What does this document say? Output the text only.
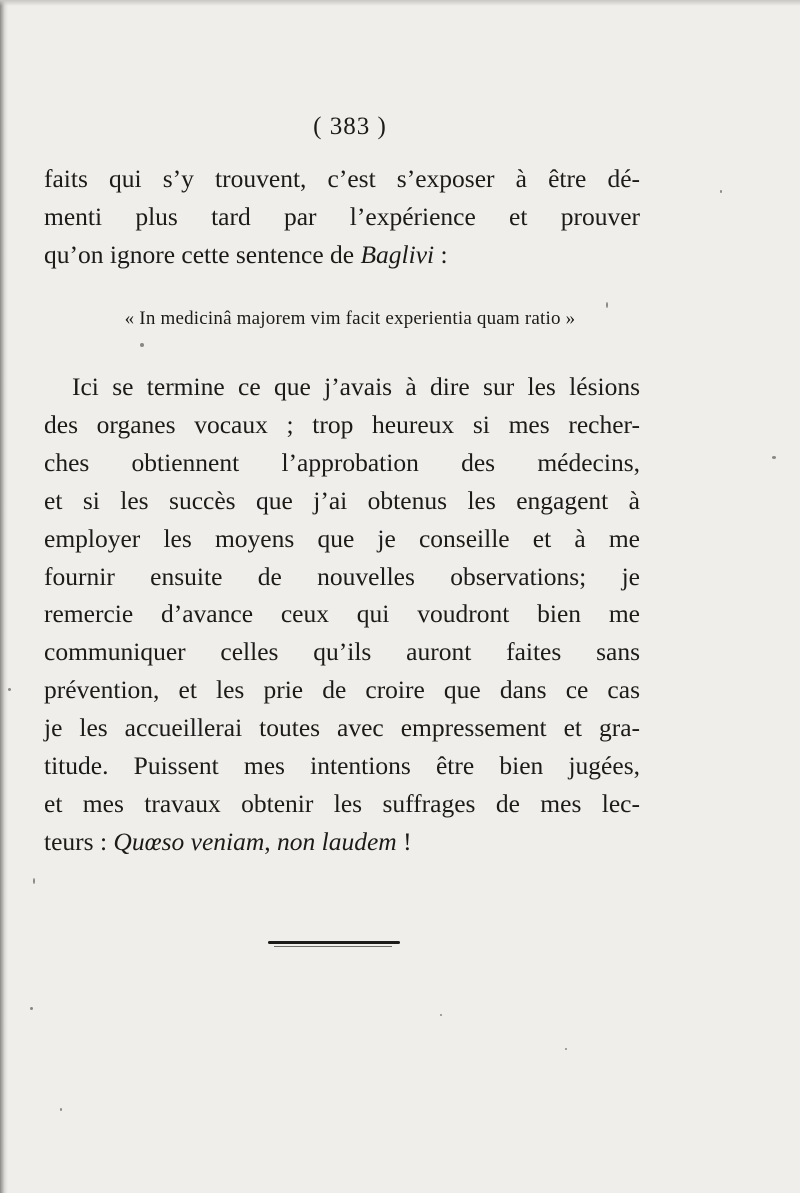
( 383 )
faits qui s’y trouvent, c’est s’exposer à être dé-
menti plus tard par l’expérience et prouver
qu’on ignore cette sentence de Baglivi :
« In medicinâ majorem vim facit experientia quam ratio »
Ici se termine ce que j’avais à dire sur les lésions
des organes vocaux ; trop heureux si mes recher-
ches obtiennent l’approbation des médecins,
et si les succès que j’ai obtenus les engagent à
employer les moyens que je conseille et à me
fournir ensuite de nouvelles observations; je
remercie d’avance ceux qui voudront bien me
communiquer celles qu’ils auront faites sans
prévention, et les prie de croire que dans ce cas
je les accueillerai toutes avec empressement et gra-
titude. Puissent mes intentions être bien jugées,
et mes travaux obtenir les suffrages de mes lec-
teurs : Quœso veniam, non laudem !
